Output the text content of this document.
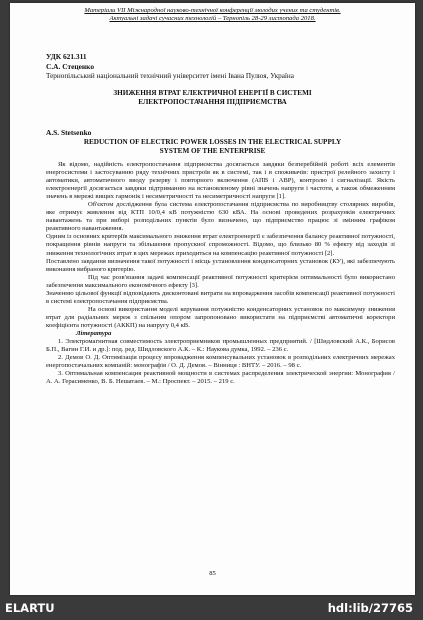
Матеріали VII Міжнародної науково-технічної конференції молодих учених та студентів.
Актуальні задачі сучасних технологій – Тернопіль 28-29 листопада 2018.
УДК 621.311
С.А. Стеценко
Тернопільський національний технічний університет імені Івана Пулюя, Україна
ЗНИЖЕННЯ ВТРАТ ЕЛЕКТРИЧНОЇ ЕНЕРГІЇ В СИСТЕМІ
ЕЛЕКТРОПОСТАЧАННЯ ПІДПРИЄМСТВА
A.S. Stetsenko
REDUCTION OF ELECTRIC POWER LOSSES IN THE ELECTRICAL SUPPLY
SYSTEM OF THE ENTERPRISE

Як відомо, надійність електропостачання підприємства досягається завдяки безперебійній роботі всіх елементів енергосистеми і застосуванню ряду технічних пристроїв як в системі, так і в споживачів: пристрої релейного захисту і автоматики, автоматичного вводу резерву і повторного включення (АПВ і АВР), контролю і сигналізації. Якість електроенергії досягається завдяки підтриманню на встановленому рівні значень напруги і частоти, а також обмеженням значень в мережі вищих гармонік і несиметричності та несиметричності напруги [1].

Об'єктом дослідження була система електропостачання підприємства по виробництву столярних виробів, яке отримує живлення від КТП 10/0,4 кВ потужністю 630 кВА. На основі проведених розрахунків електричних навантажень та при виборі розподільних пунктів було визначено, що підприємство працює зі змінним графіком реактивного навантаження.

Одним із основних критеріїв максимального зниження втрат електроенергії є забезпечення балансу реактивної потужності, покращення рівнів напруги та збільшення пропускної спроможності. Відомо, що близько 80 % ефекту від заходів зі зниження технологічних втрат в цих мережах приходиться на компенсацію реактивної потужності [2].

Поставлено завдання визначення такої потужності і місць установлення конденсаторних установок (КУ), які забезпечують виконання вибраного критерію.

Під час розв'язання задачі компенсації реактивної потужності критерієм оптимальності було використано забезпечення максимального економічного ефекту [3].

Значенню цільової функції відповідають дисконтовані витрати на впровадження засобів компенсації реактивної потужності в системі електропостачання підприємства.

На основі використання моделі керування потужністю конденсаторних установок по максимуму зниження втрат для радіальних мереж з спільним опором запропоновано використати на підприємстві автоматичні коректори коефіцієнта потужності (АККП) на напругу 0,4 кВ.

Література

1. Электромагнитная совместимость электроприемников промышленных предприятий. / [Шидловский А.К., Борисов Б.П., Вагин Г.И. и др.]: под. ред. Шидловского А.К. – К.: Наукова думка, 1992. – 236 с.

2. Демов О. Д. Оптимізація процесу впровадження компенсувальних установок в розподільних електричних мережах енергопостачальних компаній: монографія / О. Д. Демов. – Вінниця : ВНТУ. – 2016. – 98 с.

3. Оптимальная компенсация реактивной мощности в системах распределения электрической энергии: Монография / А. А. Герасименко, В. Б. Нешатаев. – М.: Проспект. – 2015. – 219 с.

85
ELARTU	hdl:lib/27765
